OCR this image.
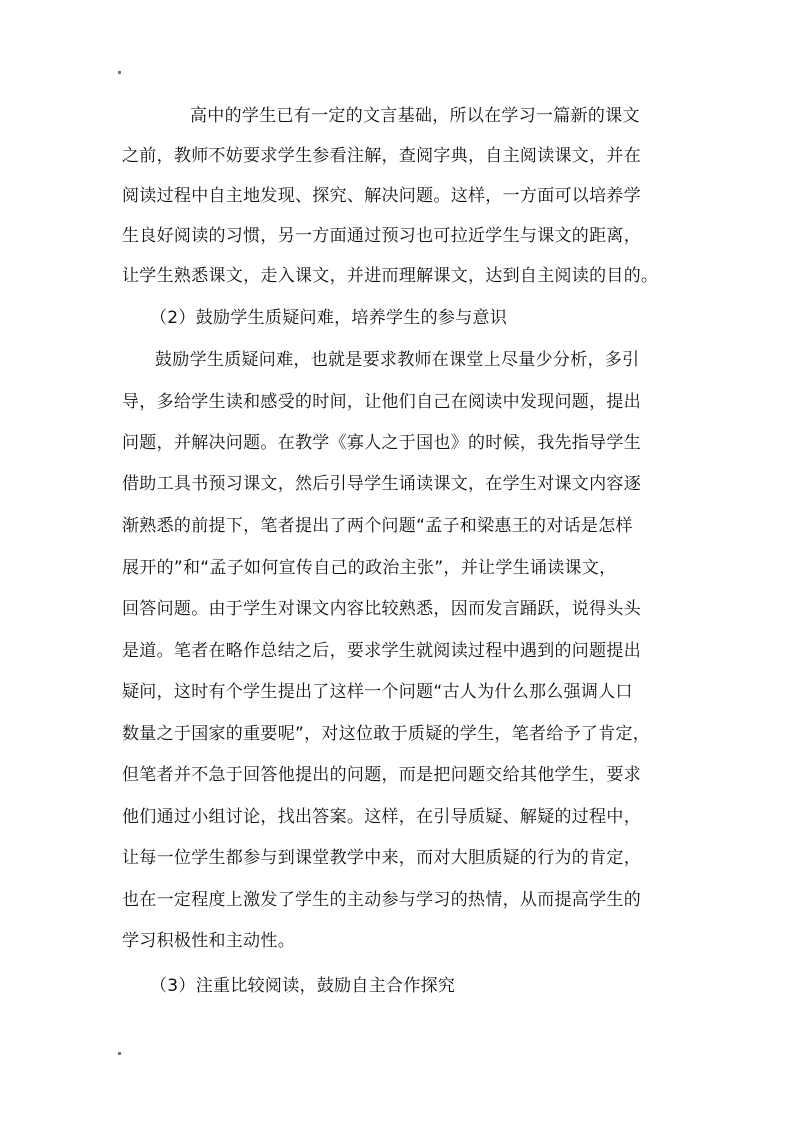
高中的学生已有一定的文言基础，所以在学习一篇新的课文
之前，教师不妨要求学生参看注解，查阅字典，自主阅读课文，并在
阅读过程中自主地发现、探究、解决问题。这样，一方面可以培养学
生良好阅读的习惯，另一方面通过预习也可拉近学生与课文的距离，
让学生熟悉课文，走入课文，并进而理解课文，达到自主阅读的目的。
（2）鼓励学生质疑问难，培养学生的参与意识
鼓励学生质疑问难，也就是要求教师在课堂上尽量少分析，多引
导，多给学生读和感受的时间，让他们自己在阅读中发现问题，提出
问题，并解决问题。在教学《寡人之于国也》的时候，我先指导学生
借助工具书预习课文，然后引导学生诵读课文，在学生对课文内容逐
渐熟悉的前提下，笔者提出了两个问题“孟子和梁惠王的对话是怎样
展开的”和“孟子如何宣传自己的政治主张”，并让学生诵读课文，
回答问题。由于学生对课文内容比较熟悉，因而发言踊跃，说得头头
是道。笔者在略作总结之后，要求学生就阅读过程中遇到的问题提出
疑问，这时有个学生提出了这样一个问题“古人为什么那么强调人口
数量之于国家的重要呢”，对这位敢于质疑的学生，笔者给予了肯定，
但笔者并不急于回答他提出的问题，而是把问题交给其他学生，要求
他们通过小组讨论，找出答案。这样，在引导质疑、解疑的过程中，
让每一位学生都参与到课堂教学中来，而对大胆质疑的行为的肯定，
也在一定程度上激发了学生的主动参与学习的热情，从而提高学生的
学习积极性和主动性。
（3）注重比较阅读，鼓励自主合作探究
